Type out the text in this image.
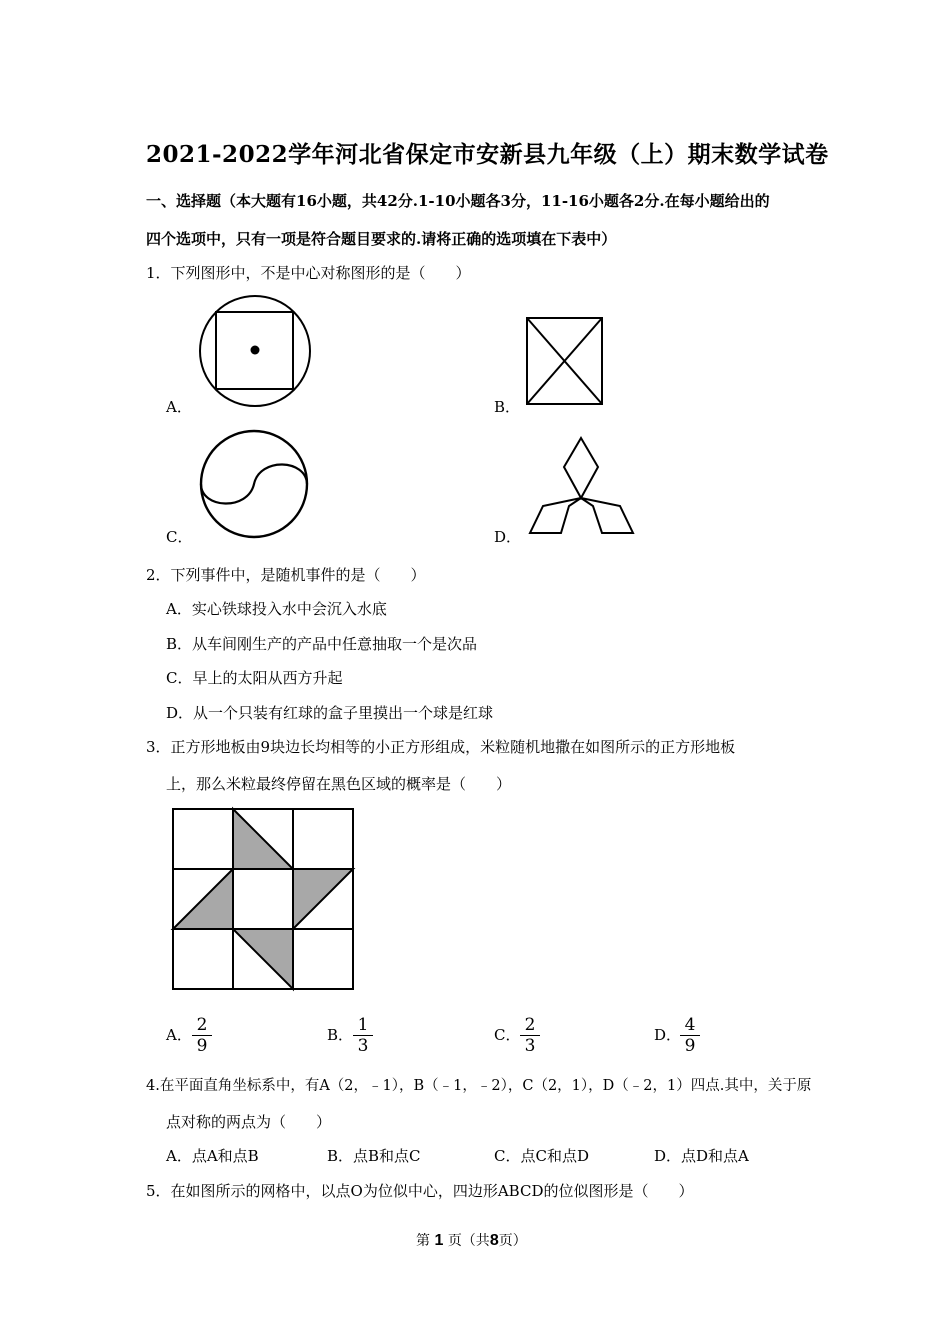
2021-2022学年河北省保定市安新县九年级（上）期末数学试卷
一、选择题（本大题有16小题，共42分.1-10小题各3分，11-16小题各2分.在每小题给出的
四个选项中，只有一项是符合题目要求的.请将正确的选项填在下表中）
1．下列图形中，不是中心对称图形的是（　　）
A．	B．
C．	D．
2．下列事件中，是随机事件的是（　　）
A．实心铁球投入水中会沉入水底
B．从车间刚生产的产品中任意抽取一个是次品
C．早上的太阳从西方升起
D．从一个只装有红球的盒子里摸出一个球是红球
3．正方形地板由9块边长均相等的小正方形组成，米粒随机地撒在如图所示的正方形地板
上，那么米粒最终停留在黑色区域的概率是（　　）
A． $\frac{2}{9}$	B． $\frac{1}{3}$	C． $\frac{2}{3}$	D．
$\frac{4}{9}$
4.在平面直角坐标系中，有A（2，﹣1），B（﹣1，﹣2），C（2，1），D（﹣2，1）四点.其中，关于原
点对称的两点为（　　）
A．点A和点B	B．点B和点C	C．点C和点D	D．点D和点A
5．在如图所示的网格中，以点O为位似中心，四边形ABCD的位似图形是（　　）
第 1 页（共8页）
